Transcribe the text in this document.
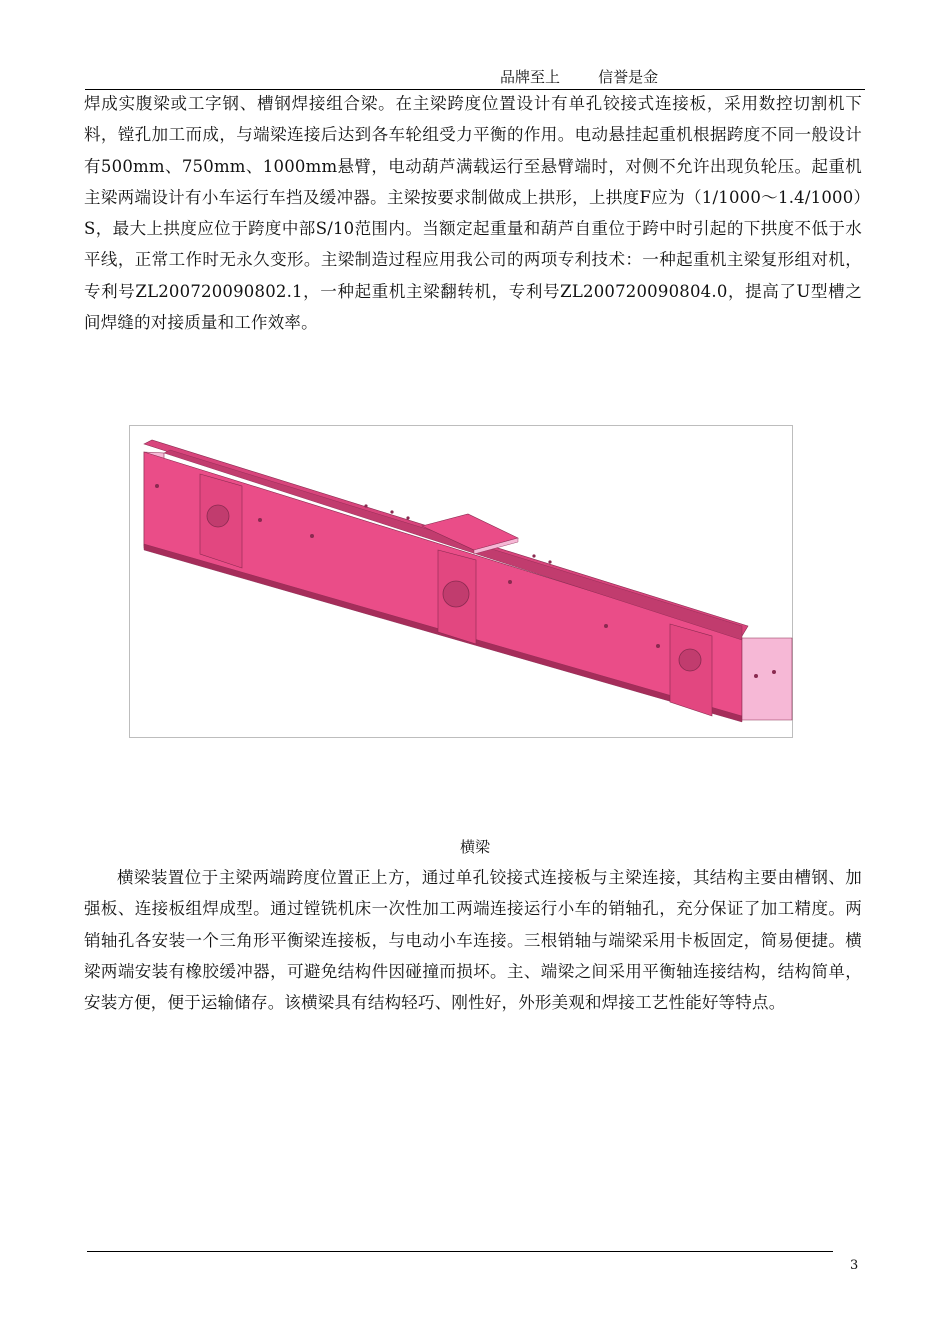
品牌至上        信誉是金

焊成实腹梁或工字钢、槽钢焊接组合梁。在主梁跨度位置设计有单孔铰接式连接板，采用数控切割机下料，镗孔加工而成，与端梁连接后达到各车轮组受力平衡的作用。电动悬挂起重机根据跨度不同一般设计有500mm、750mm、1000mm悬臂，电动葫芦满载运行至悬臂端时，对侧不允许出现负轮压。起重机主梁两端设计有小车运行车挡及缓冲器。主梁按要求制做成上拱形，上拱度F应为（1/1000～1.4/1000）S，最大上拱度应位于跨度中部S/10范围内。当额定起重量和葫芦自重位于跨中时引起的下拱度不低于水平线，正常工作时无永久变形。主梁制造过程应用我公司的两项专利技术：一种起重机主梁复形组对机，专利号ZL200720090802.1，一种起重机主梁翻转机，专利号ZL200720090804.0，提高了U型槽之间焊缝的对接质量和工作效率。

横梁

横梁装置位于主梁两端跨度位置正上方，通过单孔铰接式连接板与主梁连接，其结构主要由槽钢、加强板、连接板组焊成型。通过镗铣机床一次性加工两端连接运行小车的销轴孔，充分保证了加工精度。两销轴孔各安装一个三角形平衡梁连接板，与电动小车连接。三根销轴与端梁采用卡板固定，简易便捷。横梁两端安装有橡胶缓冲器，可避免结构件因碰撞而损坏。主、端梁之间采用平衡轴连接结构，结构简单，安装方便，便于运输储存。该横梁具有结构轻巧、刚性好，外形美观和焊接工艺性能好等特点。

3
